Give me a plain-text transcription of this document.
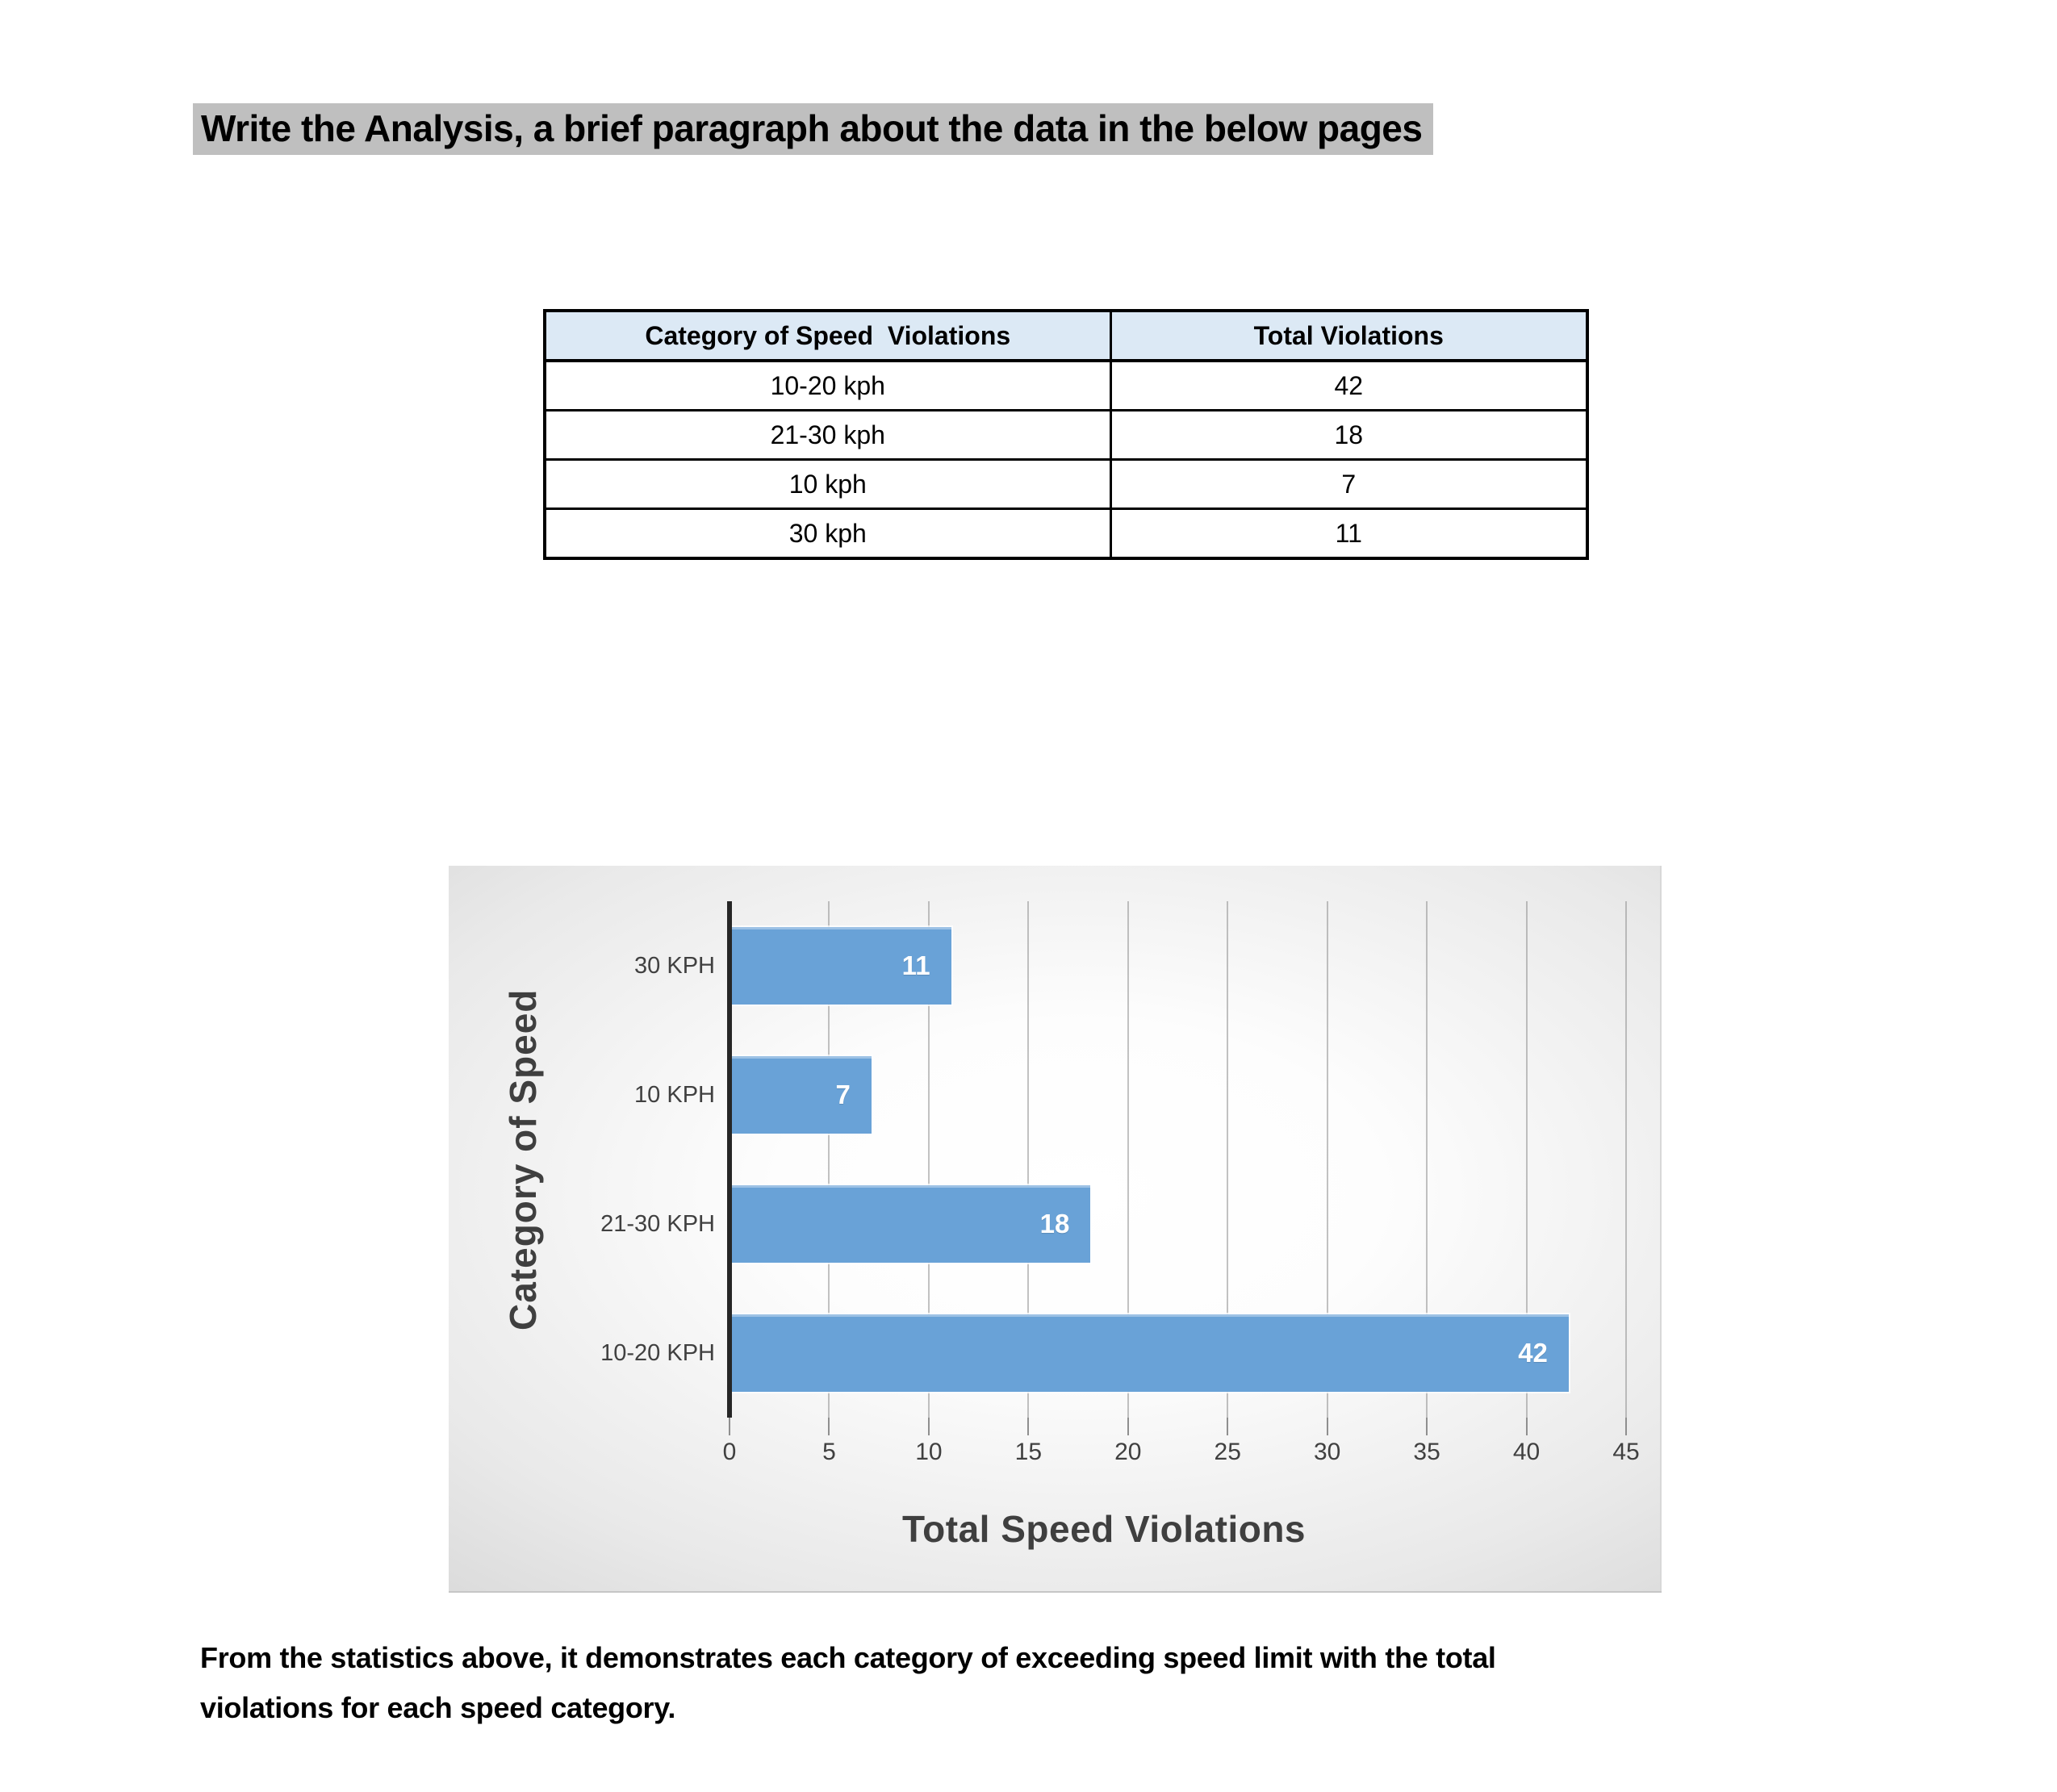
Write the Analysis, a brief paragraph about the data in the below pages
Category of Speed  Violations	Total Violations
10-20 kph	42
21-30 kph	18
10 kph	7
30 kph	11
Category of Speed
Total Speed Violations
0	5	10	15	20	25	30	35	40	45
30 KPH	11
10 KPH	7
21-30 KPH	18
10-20 KPH	42
From the statistics above, it demonstrates each category of exceeding speed limit with the total
violations for each speed category.
